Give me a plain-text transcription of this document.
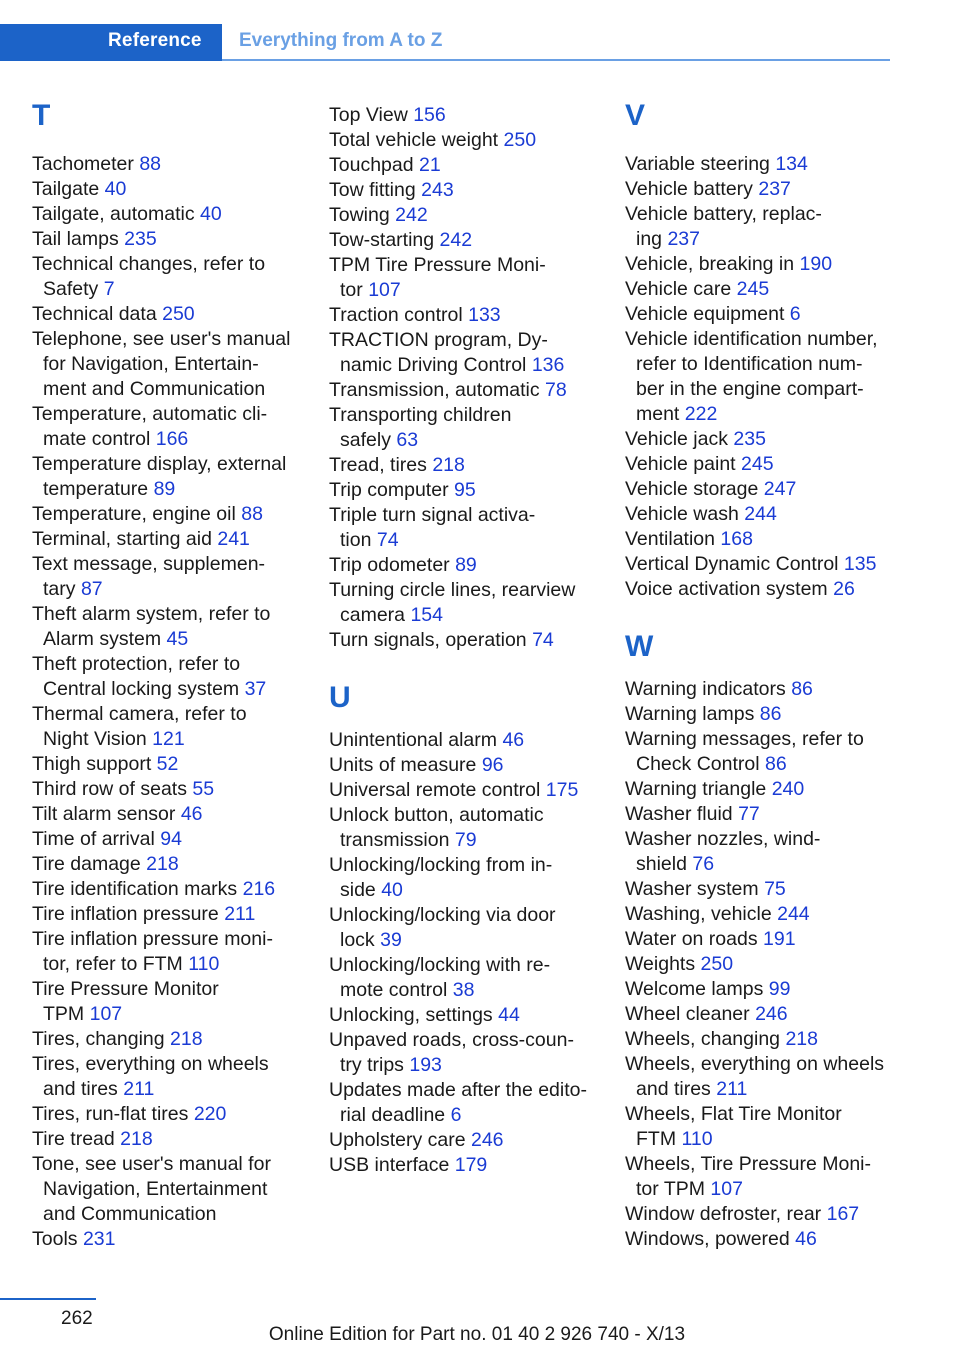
Reference Everything from A to Z
T
Tachometer 88
Tailgate 40
Tailgate, automatic 40
Tail lamps 235
Technical changes, refer to
Safety 7
Technical data 250
Telephone, see user's manual
for Navigation, Entertain-
ment and Communication
Temperature, automatic cli-
mate control 166
Temperature display, external
temperature 89
Temperature, engine oil 88
Terminal, starting aid 241
Text message, supplemen-
tary 87
Theft alarm system, refer to
Alarm system 45
Theft protection, refer to
Central locking system 37
Thermal camera, refer to
Night Vision 121
Thigh support 52
Third row of seats 55
Tilt alarm sensor 46
Time of arrival 94
Tire damage 218
Tire identification marks 216
Tire inflation pressure 211
Tire inflation pressure moni-
tor, refer to FTM 110
Tire Pressure Monitor
TPM 107
Tires, changing 218
Tires, everything on wheels
and tires 211
Tires, run-flat tires 220
Tire tread 218
Tone, see user's manual for
Navigation, Entertainment
and Communication
Tools 231
Top View 156
Total vehicle weight 250
Touchpad 21
Tow fitting 243
Towing 242
Tow-starting 242
TPM Tire Pressure Moni-
tor 107
Traction control 133
TRACTION program, Dy-
namic Driving Control 136
Transmission, automatic 78
Transporting children
safely 63
Tread, tires 218
Trip computer 95
Triple turn signal activa-
tion 74
Trip odometer 89
Turning circle lines, rearview
camera 154
Turn signals, operation 74
U
Unintentional alarm 46
Units of measure 96
Universal remote control 175
Unlock button, automatic
transmission 79
Unlocking/locking from in-
side 40
Unlocking/locking via door
lock 39
Unlocking/locking with re-
mote control 38
Unlocking, settings 44
Unpaved roads, cross-coun-
try trips 193
Updates made after the edito-
rial deadline 6
Upholstery care 246
USB interface 179
V
Variable steering 134
Vehicle battery 237
Vehicle battery, replac-
ing 237
Vehicle, breaking in 190
Vehicle care 245
Vehicle equipment 6
Vehicle identification number,
refer to Identification num-
ber in the engine compart-
ment 222
Vehicle jack 235
Vehicle paint 245
Vehicle storage 247
Vehicle wash 244
Ventilation 168
Vertical Dynamic Control 135
Voice activation system 26
W
Warning indicators 86
Warning lamps 86
Warning messages, refer to
Check Control 86
Warning triangle 240
Washer fluid 77
Washer nozzles, wind-
shield 76
Washer system 75
Washing, vehicle 244
Water on roads 191
Weights 250
Welcome lamps 99
Wheel cleaner 246
Wheels, changing 218
Wheels, everything on wheels
and tires 211
Wheels, Flat Tire Monitor
FTM 110
Wheels, Tire Pressure Moni-
tor TPM 107
Window defroster, rear 167
Windows, powered 46
262
Online Edition for Part no. 01 40 2 926 740 - X/13
